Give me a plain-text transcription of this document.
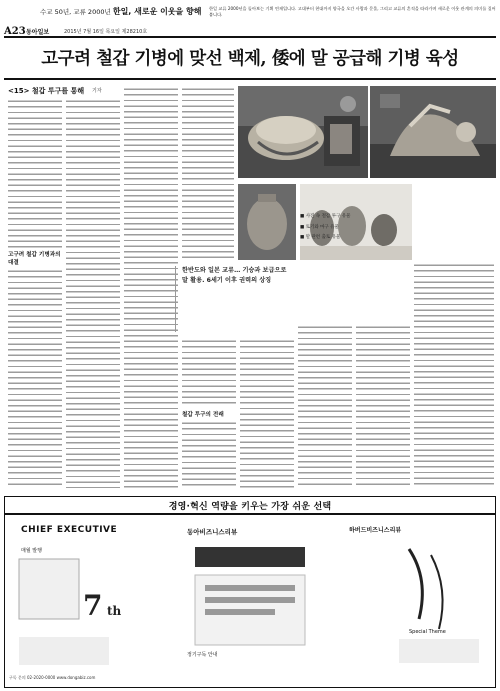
수교 50년, 교류 2000년 한일, 새로운 이웃을 향해
A23 동아일보	2015년 7월 16일 목요일 제28210호
한일 교류 2000년을 돌아보는 기획 연재입니다. 고대부터 현대까지 양국을 오간 사람과 문물, 그리고 교류의 흔적을 따라가며 새로운 이웃 관계의 의미를 짚어봅니다.
고구려 철갑 기병에 맞선 백제, 倭에 말 공급해 기병 육성
<15> 철갑 투구를 통해 기자
고구려 철갑 기병과의 대결
한반도와 일본 교류… 기승과 보급으로 말 활용. 6세기 이후 권력의 상징
철갑 투구의 전래
■ 사진 속 철갑 투구 유물
■ 토기와 마구 유물
■ 말 관련 출토 유물
경영·혁신 역량을 키우는 가장 쉬운 선택
7 th
CHIEF EXECUTIVE
매월 발행
동아비즈니스리뷰
정기구독 안내
하버드비즈니스리뷰
Special Theme
구독 문의 02-2020-0000 www.dongabiz.com
